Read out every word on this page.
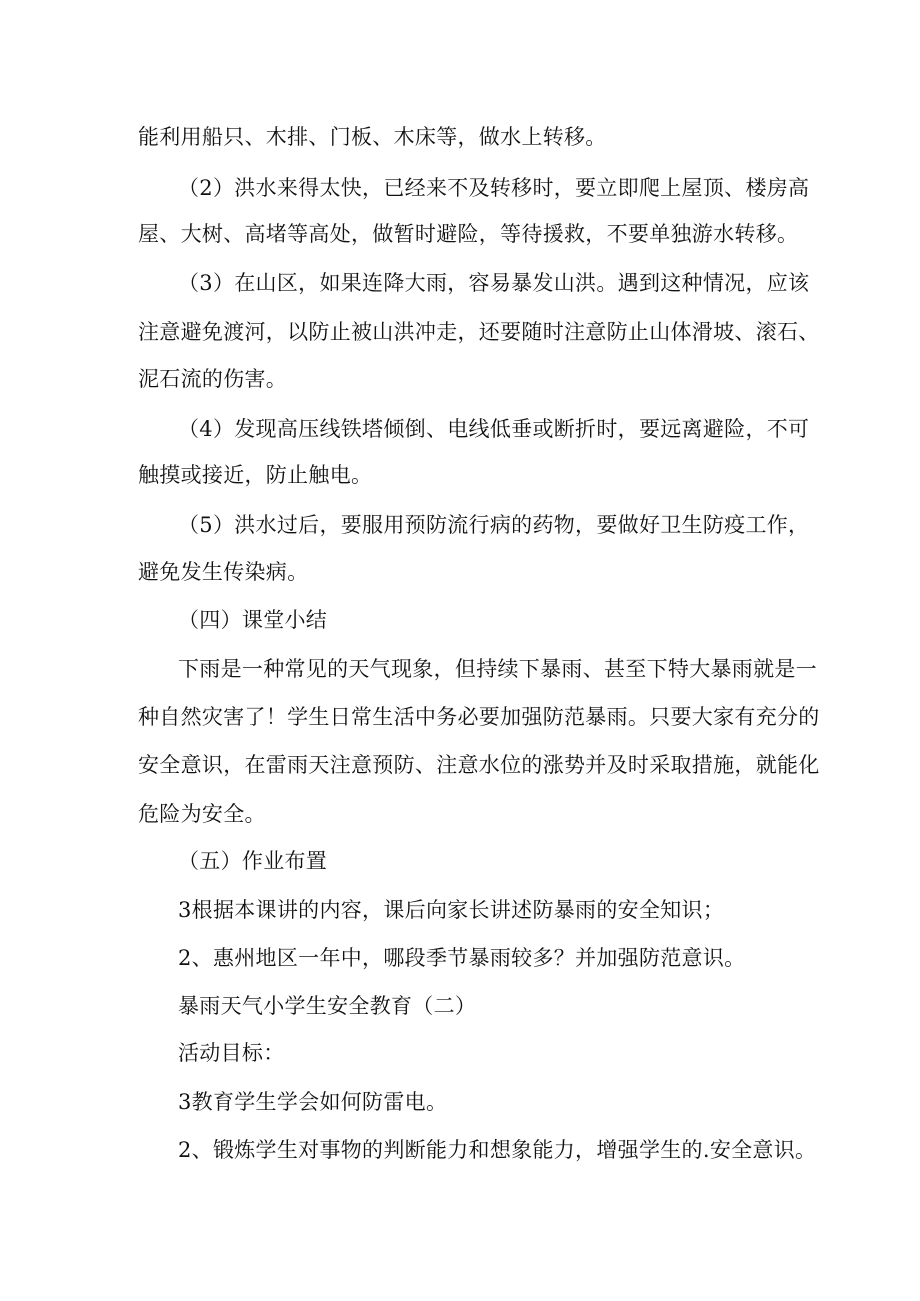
能利用船只、木排、门板、木床等，做水上转移。
（2）洪水来得太快，已经来不及转移时，要立即爬上屋顶、楼房高
屋、大树、高堵等高处，做暂时避险，等待援救，不要单独游水转移。
（3）在山区，如果连降大雨，容易暴发山洪。遇到这种情况，应该
注意避免渡河，以防止被山洪冲走，还要随时注意防止山体滑坡、滚石、
泥石流的伤害。
（4）发现高压线铁塔倾倒、电线低垂或断折时，要远离避险，不可
触摸或接近，防止触电。
（5）洪水过后，要服用预防流行病的药物，要做好卫生防疫工作，
避免发生传染病。
（四）课堂小结
下雨是一种常见的天气现象，但持续下暴雨、甚至下特大暴雨就是一
种自然灾害了！学生日常生活中务必要加强防范暴雨。只要大家有充分的
安全意识，在雷雨天注意预防、注意水位的涨势并及时采取措施，就能化
危险为安全。
（五）作业布置
3根据本课讲的内容，课后向家长讲述防暴雨的安全知识；
2、惠州地区一年中，哪段季节暴雨较多？并加强防范意识。
暴雨天气小学生安全教育（二）
活动目标：
3教育学生学会如何防雷电。
2、锻炼学生对事物的判断能力和想象能力，增强学生的.安全意识。
